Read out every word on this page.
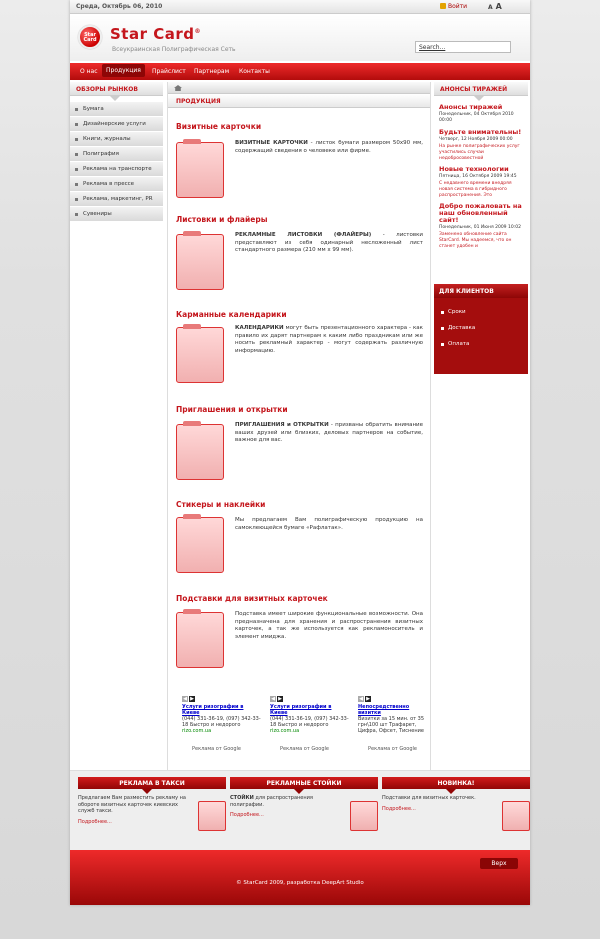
Среда, Октябрь 06, 2010	Войти	A A
Star
Card Star Card®
Всеукраинская Полиграфическая Сеть	Search...
О нас	Продукция	Прайслист Партнерам Контакты
ОБЗОРЫ РЫНКОВ
Бумага
Дизайнерские услуги
Книги, журналы
Полиграфия
Реклама на транспорте
Реклама в прессе
Реклама, маркетинг, PR
Сувениры
ПРОДУКЦИЯ
Визитные карточки
ВИЗИТНЫЕ КАРТОЧКИ - листок бумаги размером 50х90 мм, содержащий сведения о человеке или фирме.
Листовки и флайеры
РЕКЛАМНЫЕ ЛИСТОВКИ (ФЛАЙЕРЫ) - листовки представляют из себя одинарный несложенный лист стандартного размера (210 мм х 99 мм).
Карманные календарики
КАЛЕНДАРИКИ могут быть презентационного характера - как правило их дарят партнерам к каким либо праздникам или же носить рекламный характер - могут содержать различную информацию.
Приглашения и открытки
ПРИГЛАШЕНИЯ и ОТКРЫТКИ - призваны обратить внимание ваших друзей или близких, деловых партнеров на событие, важное для вас.
Стикеры и наклейки
Мы предлагаем Вам полиграфическую продукцию на самоклеющейся бумаге «Рафлатак».
Подставки для визитных карточек
Подставка имеет широкие функциональные возможности. Она предназначена для хранения и распространения визитных карточек, а так же используется как рекламоноситель и элемент имиджа.
◀ ▶
Услуги ризографии в Киеве
(044) 331-36-19, (097) 342-33-18 Быстро и недорого
rizo.com.ua
Реклама от Google
◀ ▶
Услуги ризографии в Киеве
(044) 331-36-19, (097) 342-33-18 Быстро и недорого
rizo.com.ua
Реклама от Google
◀ ▶
Непосредственно визитки
Визитки за 15 мин. от 35 грн\100 шт Трафарет, Цифра, Офсет, Тиснение
Реклама от Google
АНОНСЫ ТИРАЖЕЙ
Анонсы тиражей
Понедельник, 04 Октября 2010 00:00
Будьте внимательны!
Четверг, 12 Ноября 2009 00:00
На рынке полиграфических услуг участились случаи недобросовестной
Новые технологии
Пятница, 16 Октября 2009 19:45
С недавнего времени внедряя новая система в гибридного распространения. Это
Добро пожаловать на наш обновленный сайт!
Понедельник, 01 Июня 2009 10:02
Заменено обновление сайта StarCard. Мы надеемся, что он станет удобен и
ДЛЯ КЛИЕНТОВ
Сроки
Доставка
Оплата
РЕКЛАМА В ТАКСИ
Предлагаем Вам разместить рекламу на обороте визитных карточек киевских служб такси.
Подробнее...
РЕКЛАМНЫЕ СТОЙКИ
СТОЙКИ для распространения полиграфии.
Подробнее...
НОВИНКА!
Подставки для визитных карточек.
Подробнее...
Верх
© StarCard 2009, разработка DeepArt Studio
